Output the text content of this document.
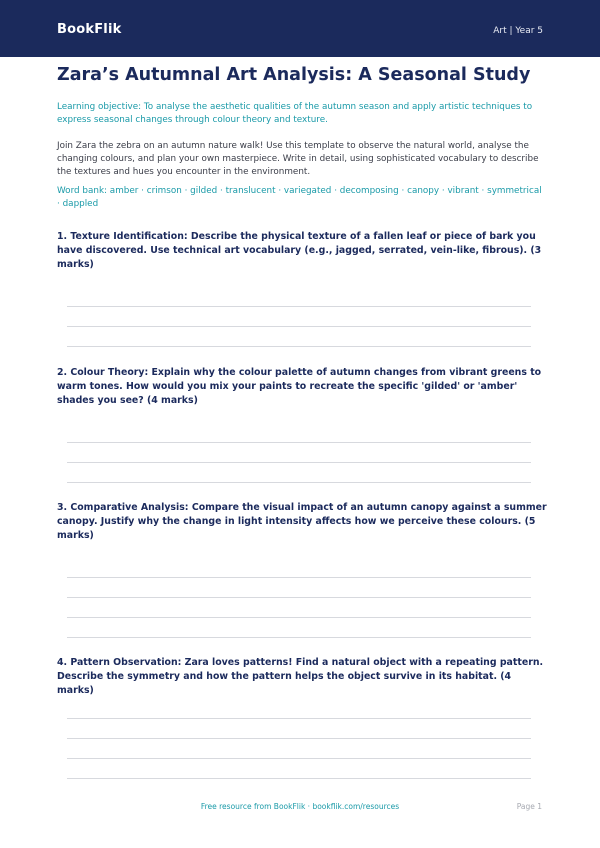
BookFlik	Art | Year 5
Zara’s Autumnal Art Analysis: A Seasonal Study
Learning objective: To analyse the aesthetic qualities of the autumn season and apply artistic techniques to express seasonal changes through colour theory and texture.
Join Zara the zebra on an autumn nature walk! Use this template to observe the natural world, analyse the changing colours, and plan your own masterpiece. Write in detail, using sophisticated vocabulary to describe the textures and hues you encounter in the environment.
Word bank: amber · crimson · gilded · translucent · variegated · decomposing · canopy · vibrant · symmetrical · dappled
1. Texture Identification: Describe the physical texture of a fallen leaf or piece of bark you have discovered. Use technical art vocabulary (e.g., jagged, serrated, vein-like, fibrous). (3 marks)
2. Colour Theory: Explain why the colour palette of autumn changes from vibrant greens to warm tones. How would you mix your paints to recreate the specific 'gilded' or 'amber' shades you see? (4 marks)
3. Comparative Analysis: Compare the visual impact of an autumn canopy against a summer canopy. Justify why the change in light intensity affects how we perceive these colours. (5 marks)
4. Pattern Observation: Zara loves patterns! Find a natural object with a repeating pattern. Describe the symmetry and how the pattern helps the object survive in its habitat. (4 marks)
Free resource from BookFlik · bookflik.com/resources	Page 1
